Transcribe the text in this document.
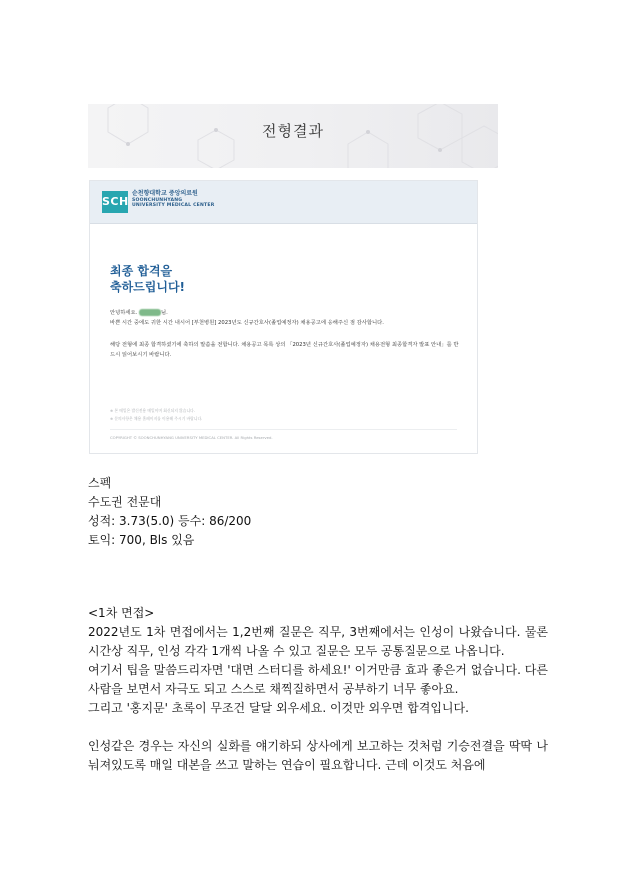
전형결과
SCH
순천향대학교 중앙의료원
SOONCHUNHYANG
UNIVERSITY MEDICAL CENTER
최종 합격을
축하드립니다!

안녕하세요.	님.
바쁜 시간 중에도 귀한 시간 내시어 [부천병원] 2023년도 신규간호사(졸업예정자) 채용공고에 응해주신 점 감사합니다.

해당 전형에 최종 합격하셨기에 축하의 말씀을 전합니다. 채용공고 목록 상의 「2023년 신규간호사(졸업예정자) 채용전형 최종합격자 발표 안내」를 반드시 읽어보시기 바랍니다.

※ 본 메일은 발신전용 메일이며 회신되지 않습니다.
※ 문의사항은 채용 홈페이지를 이용해 주시기 바랍니다.
COPYRIGHT © SOONCHUNHYANG UNIVERSITY MEDICAL CENTER. All Rights Reserved.

스펙

수도권 전문대

성적: 3.73(5.0) 등수: 86/200

토익: 700, Bls 있음

<1차 면접>

2022년도 1차 면접에서는 1,2번째 질문은 직무, 3번째에서는 인성이 나왔습니다. 물론 시간상 직무, 인성 각각 1개씩 나올 수 있고 질문은 모두 공통질문으로 나옵니다.

여기서 팁을 말씀드리자면 '대면 스터디를 하세요!' 이거만큼 효과 좋은거 없습니다. 다른 사람을 보면서 자극도 되고 스스로 채찍질하면서 공부하기 너무 좋아요.

그리고 '홍지문' 초록이 무조건 달달 외우세요. 이것만 외우면 합격입니다.

인성같은 경우는 자신의 실화를 얘기하되 상사에게 보고하는 것처럼 기승전결을 딱딱 나눠져있도록 매일 대본을 쓰고 말하는 연습이 필요합니다. 근데 이것도 처음에
